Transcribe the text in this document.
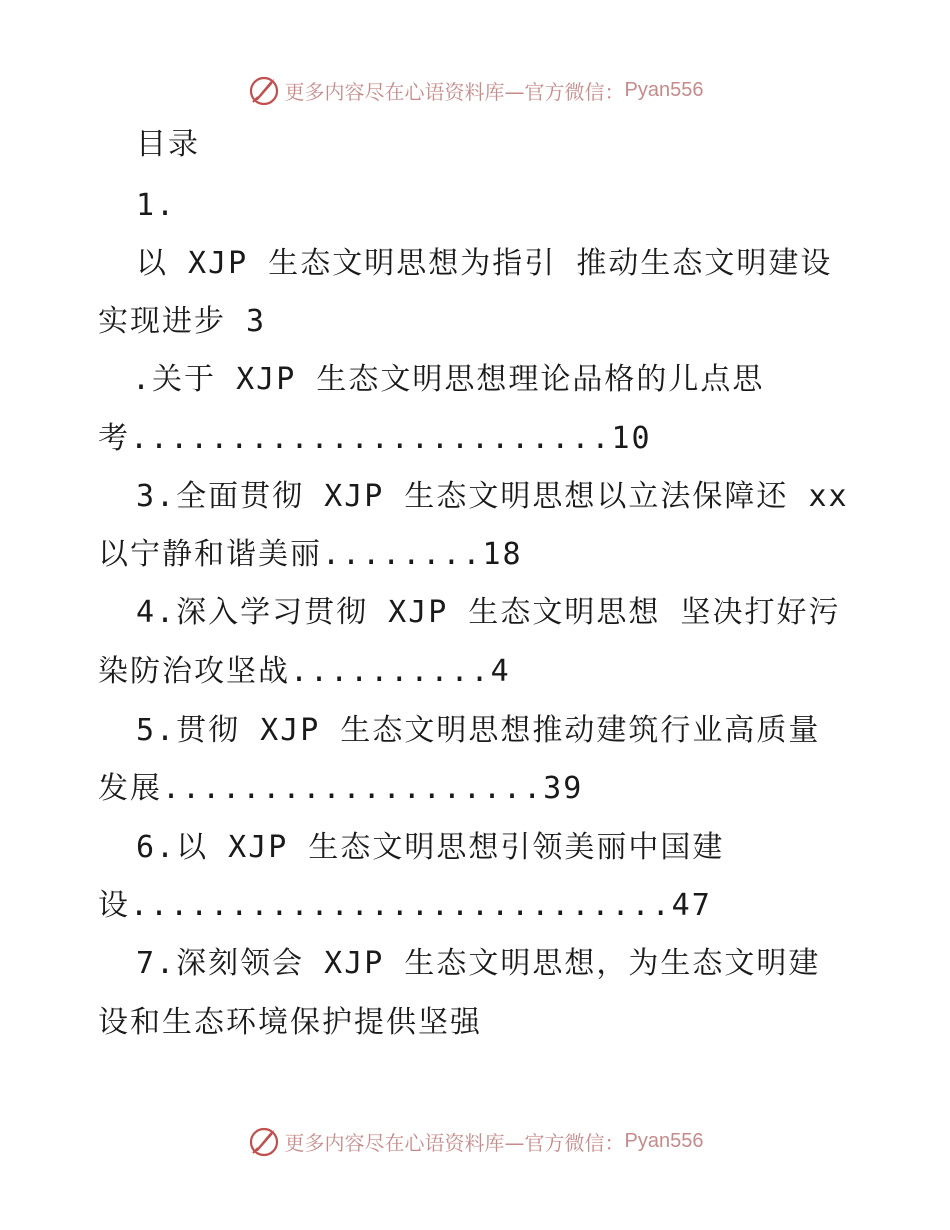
更多内容尽在心语资料库—官方微信： Pyan556
目录
1.
以 XJP 生态文明思想为指引 推动生态文明建设
实现进步 3
.关于 XJP 生态文明思想理论品格的儿点思
考........................10
3.全面贯彻 XJP 生态文明思想以立法保障还 xx
以宁静和谐美丽........18
4.深入学习贯彻 XJP 生态文明思想 坚决打好污
染防治攻坚战..........4
5.贯彻 XJP 生态文明思想推动建筑行业高质量
发展...................39
6.以 XJP 生态文明思想引领美丽中国建
设...........................47
7.深刻领会 XJP 生态文明思想，为生态文明建
设和生态环境保护提供坚强
更多内容尽在心语资料库—官方微信： Pyan556
